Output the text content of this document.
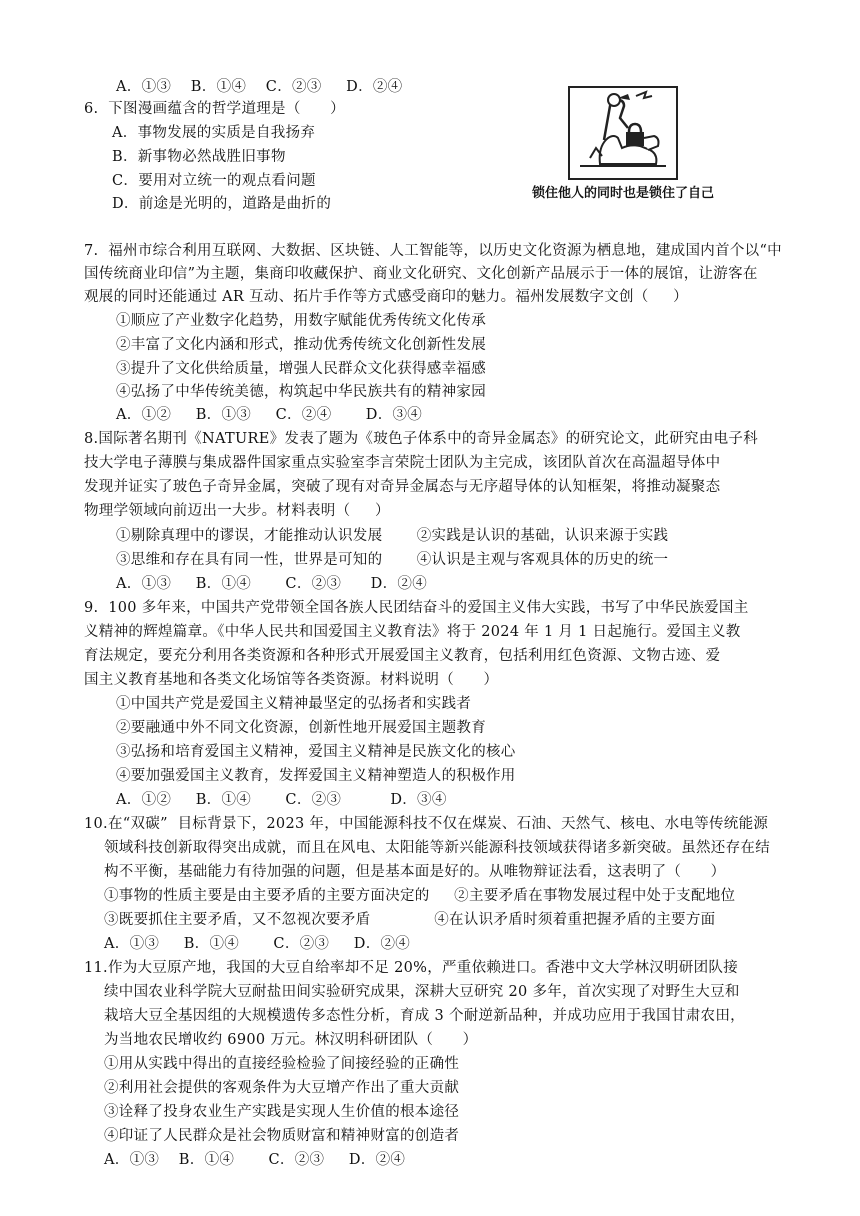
A．①③    B．①④    C．②③     D．②④
6.  下图漫画蕴含的哲学道理是（      ）
A．事物发展的实质是自我扬弃
B．新事物必然战胜旧事物
C．要用对立统一的观点看问题
D．前途是光明的，道路是曲折的
锁住他人的同时也是锁住了自己
7.  福州市综合利用互联网、大数据、区块链、人工智能等，以历史文化资源为栖息地，建成国内首个以“中
国传统商业印信”为主题，集商印收藏保护、商业文化研究、文化创新产品展示于一体的展馆，让游客在
观展的同时还能通过 AR 互动、拓片手作等方式感受商印的魅力。福州发展数字文创（     ）
①顺应了产业数字化趋势，用数字赋能优秀传统文化传承
②丰富了文化内涵和形式，推动优秀传统文化创新性发展
③提升了文化供给质量，增强人民群众文化获得感幸福感
④弘扬了中华传统美德，构筑起中华民族共有的精神家园
A．①②     B．①③     C．②④       D．③④
8.国际著名期刊《NATURE》发表了题为《玻色子体系中的奇异金属态》的研究论文，此研究由电子科
技大学电子薄膜与集成器件国家重点实验室李言荣院士团队为主完成，该团队首次在高温超导体中
发现并证实了玻色子奇异金属，突破了现有对奇异金属态与无序超导体的认知框架，将推动凝聚态
物理学领域向前迈出一大步。材料表明（     ）
①剔除真理中的谬误，才能推动认识发展       ②实践是认识的基础，认识来源于实践
③思维和存在具有同一性，世界是可知的       ④认识是主观与客观具体的历史的统一
A．①③     B．①④       C．②③      D．②④
9.  100 多年来，中国共产党带领全国各族人民团结奋斗的爱国主义伟大实践，书写了中华民族爱国主
义精神的辉煌篇章。《中华人民共和国爱国主义教育法》将于 2024 年 1 月 1 日起施行。爱国主义教
育法规定，要充分利用各类资源和各种形式开展爱国主义教育，包括利用红色资源、文物古迹、爱
国主义教育基地和各类文化场馆等各类资源。材料说明（      ）
①中国共产党是爱国主义精神最坚定的弘扬者和实践者
②要融通中外不同文化资源，创新性地开展爱国主题教育
③弘扬和培育爱国主义精神，爱国主义精神是民族文化的核心
④要加强爱国主义教育，发挥爱国主义精神塑造人的积极作用
A．①②     B．①④       C．②③          D．③④
10.在“双碳”  目标背景下，2023 年，中国能源科技不仅在煤炭、石油、天然气、核电、水电等传统能源
领域科技创新取得突出成就，而且在风电、太阳能等新兴能源科技领域获得诸多新突破。虽然还存在结
构不平衡，基础能力有待加强的问题，但是基本面是好的。从唯物辩证法看，这表明了（      ）
①事物的性质主要是由主要矛盾的主要方面决定的     ②主要矛盾在事物发展过程中处于支配地位
③既要抓住主要矛盾，又不忽视次要矛盾             ④在认识矛盾时须着重把握矛盾的主要方面
A．①③     B．①④       C．②③     D．②④
11.作为大豆原产地，我国的大豆自给率却不足 20%，严重依赖进口。香港中文大学林汉明研团队接
续中国农业科学院大豆耐盐田间实验研究成果，深耕大豆研究 20 多年，首次实现了对野生大豆和
栽培大豆全基因组的大规模遗传多态性分析，育成 3 个耐逆新品种，并成功应用于我国甘肃农田，
为当地农民增收约 6900 万元。林汉明科研团队（      ）
①用从实践中得出的直接经验检验了间接经验的正确性
②利用社会提供的客观条件为大豆增产作出了重大贡献
③诠释了投身农业生产实践是实现人生价值的根本途径
④印证了人民群众是社会物质财富和精神财富的创造者
A．①③    B．①④       C．②③     D．②④
